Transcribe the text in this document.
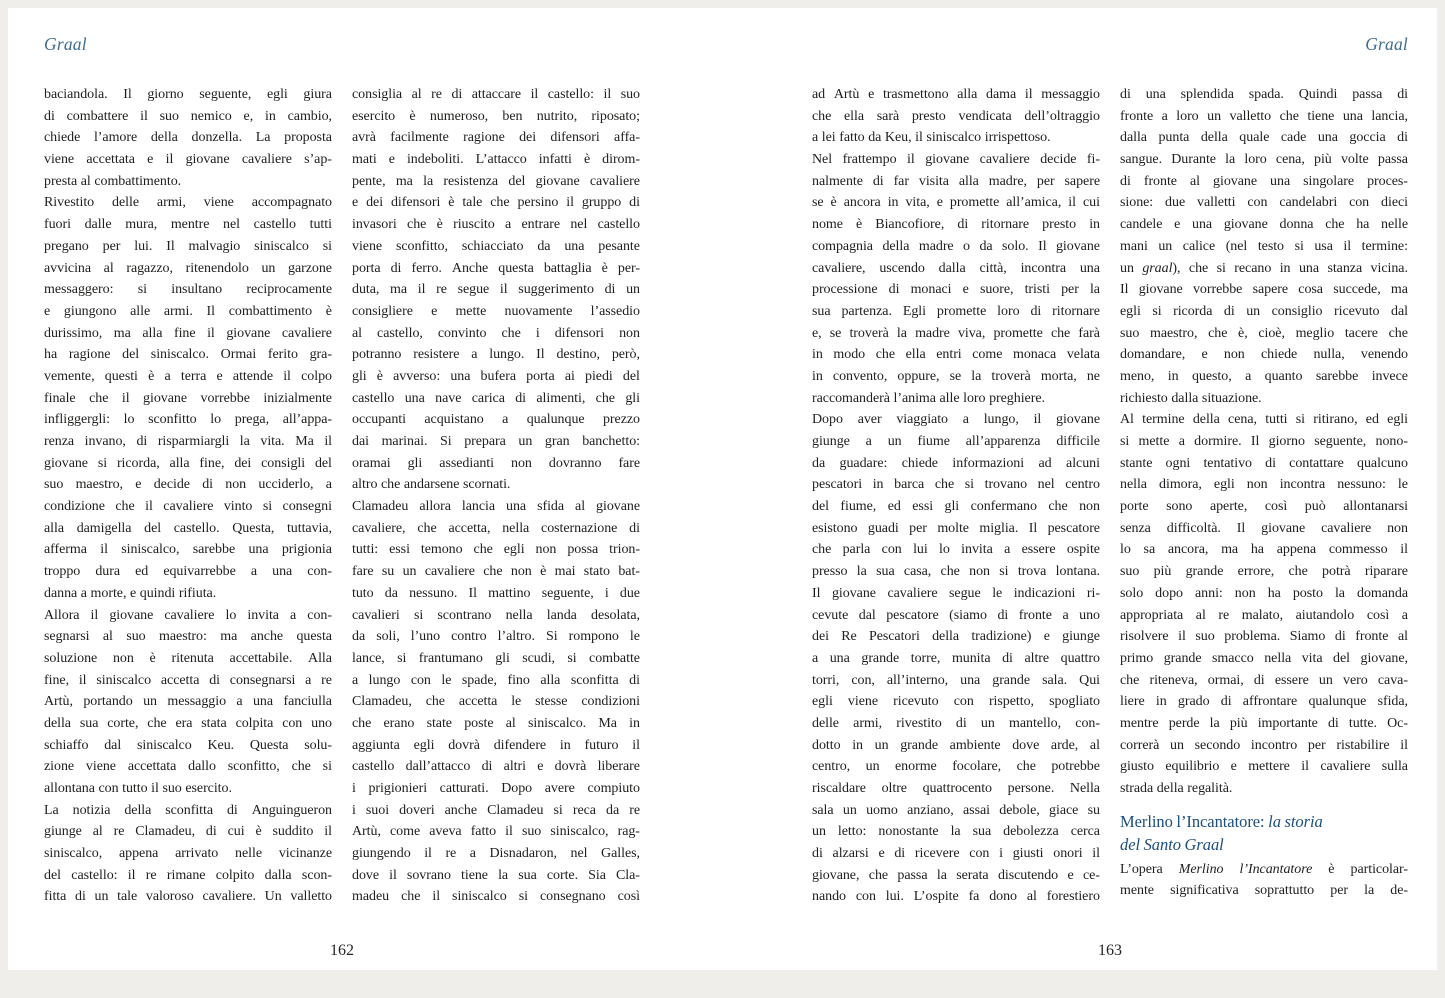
Graal	Graal
baciandola. Il giorno seguente, egli giura
di combattere il suo nemico e, in cambio,
chiede l’amore della donzella. La proposta
viene accettata e il giovane cavaliere s’ap-
presta al combattimento.
Rivestito delle armi, viene accompagnato
fuori dalle mura, mentre nel castello tutti
pregano per lui. Il malvagio siniscalco si
avvicina al ragazzo, ritenendolo un garzone
messaggero: si insultano reciprocamente
e giungono alle armi. Il combattimento è
durissimo, ma alla fine il giovane cavaliere
ha ragione del siniscalco. Ormai ferito gra-
vemente, questi è a terra e attende il colpo
finale che il giovane vorrebbe inizialmente
infliggergli: lo sconfitto lo prega, all’appa-
renza invano, di risparmiargli la vita. Ma il
giovane si ricorda, alla fine, dei consigli del
suo maestro, e decide di non ucciderlo, a
condizione che il cavaliere vinto si consegni
alla damigella del castello. Questa, tuttavia,
afferma il siniscalco, sarebbe una prigionia
troppo dura ed equivarrebbe a una con-
danna a morte, e quindi rifiuta.
Allora il giovane cavaliere lo invita a con-
segnarsi al suo maestro: ma anche questa
soluzione non è ritenuta accettabile. Alla
fine, il siniscalco accetta di consegnarsi a re
Artù, portando un messaggio a una fanciulla
della sua corte, che era stata colpita con uno
schiaffo dal siniscalco Keu. Questa solu-
zione viene accettata dallo sconfitto, che si
allontana con tutto il suo esercito.
La notizia della sconfitta di Anguingueron
giunge al re Clamadeu, di cui è suddito il
siniscalco, appena arrivato nelle vicinanze
del castello: il re rimane colpito dalla scon-
fitta di un tale valoroso cavaliere. Un valletto
consiglia al re di attaccare il castello: il suo
esercito è numeroso, ben nutrito, riposato;
avrà facilmente ragione dei difensori affa-
mati e indeboliti. L’attacco infatti è dirom-
pente, ma la resistenza del giovane cavaliere
e dei difensori è tale che persino il gruppo di
invasori che è riuscito a entrare nel castello
viene sconfitto, schiacciato da una pesante
porta di ferro. Anche questa battaglia è per-
duta, ma il re segue il suggerimento di un
consigliere e mette nuovamente l’assedio
al castello, convinto che i difensori non
potranno resistere a lungo. Il destino, però,
gli è avverso: una bufera porta ai piedi del
castello una nave carica di alimenti, che gli
occupanti acquistano a qualunque prezzo
dai marinai. Si prepara un gran banchetto:
oramai gli assedianti non dovranno fare
altro che andarsene scornati.
Clamadeu allora lancia una sfida al giovane
cavaliere, che accetta, nella costernazione di
tutti: essi temono che egli non possa trion-
fare su un cavaliere che non è mai stato bat-
tuto da nessuno. Il mattino seguente, i due
cavalieri si scontrano nella landa desolata,
da soli, l’uno contro l’altro. Si rompono le
lance, si frantumano gli scudi, si combatte
a lungo con le spade, fino alla sconfitta di
Clamadeu, che accetta le stesse condizioni
che erano state poste al siniscalco. Ma in
aggiunta egli dovrà difendere in futuro il
castello dall’attacco di altri e dovrà liberare
i prigionieri catturati. Dopo avere compiuto
i suoi doveri anche Clamadeu si reca da re
Artù, come aveva fatto il suo siniscalco, rag-
giungendo il re a Disnadaron, nel Galles,
dove il sovrano tiene la sua corte. Sia Cla-
madeu che il siniscalco si consegnano così
ad Artù e trasmettono alla dama il messaggio
che ella sarà presto vendicata dell’oltraggio
a lei fatto da Keu, il siniscalco irrispettoso.
Nel frattempo il giovane cavaliere decide fi-
nalmente di far visita alla madre, per sapere
se è ancora in vita, e promette all’amica, il cui
nome è Biancofiore, di ritornare presto in
compagnia della madre o da solo. Il giovane
cavaliere, uscendo dalla città, incontra una
processione di monaci e suore, tristi per la
sua partenza. Egli promette loro di ritornare
e, se troverà la madre viva, promette che farà
in modo che ella entri come monaca velata
in convento, oppure, se la troverà morta, ne
raccomanderà l’anima alle loro preghiere.
Dopo aver viaggiato a lungo, il giovane
giunge a un fiume all’apparenza difficile
da guadare: chiede informazioni ad alcuni
pescatori in barca che si trovano nel centro
del fiume, ed essi gli confermano che non
esistono guadi per molte miglia. Il pescatore
che parla con lui lo invita a essere ospite
presso la sua casa, che non si trova lontana.
Il giovane cavaliere segue le indicazioni ri-
cevute dal pescatore (siamo di fronte a uno
dei Re Pescatori della tradizione) e giunge
a una grande torre, munita di altre quattro
torri, con, all’interno, una grande sala. Qui
egli viene ricevuto con rispetto, spogliato
delle armi, rivestito di un mantello, con-
dotto in un grande ambiente dove arde, al
centro, un enorme focolare, che potrebbe
riscaldare oltre quattrocento persone. Nella
sala un uomo anziano, assai debole, giace su
un letto: nonostante la sua debolezza cerca
di alzarsi e di ricevere con i giusti onori il
giovane, che passa la serata discutendo e ce-
nando con lui. L’ospite fa dono al forestiero
di una splendida spada. Quindi passa di
fronte a loro un valletto che tiene una lancia,
dalla punta della quale cade una goccia di
sangue. Durante la loro cena, più volte passa
di fronte al giovane una singolare proces-
sione: due valletti con candelabri con dieci
candele e una giovane donna che ha nelle
mani un calice (nel testo si usa il termine:
un graal), che si recano in una stanza vicina.
Il giovane vorrebbe sapere cosa succede, ma
egli si ricorda di un consiglio ricevuto dal
suo maestro, che è, cioè, meglio tacere che
domandare, e non chiede nulla, venendo
meno, in questo, a quanto sarebbe invece
richiesto dalla situazione.
Al termine della cena, tutti si ritirano, ed egli
si mette a dormire. Il giorno seguente, nono-
stante ogni tentativo di contattare qualcuno
nella dimora, egli non incontra nessuno: le
porte sono aperte, così può allontanarsi
senza difficoltà. Il giovane cavaliere non
lo sa ancora, ma ha appena commesso il
suo più grande errore, che potrà riparare
solo dopo anni: non ha posto la domanda
appropriata al re malato, aiutandolo così a
risolvere il suo problema. Siamo di fronte al
primo grande smacco nella vita del giovane,
che riteneva, ormai, di essere un vero cava-
liere in grado di affrontare qualunque sfida,
mentre perde la più importante di tutte. Oc-
correrà un secondo incontro per ristabilire il
giusto equilibrio e mettere il cavaliere sulla
strada della regalità.
Merlino l’Incantatore: la storia
del Santo Graal
L’opera Merlino l’Incantatore è particolar-
mente significativa soprattutto per la de-
162	163
